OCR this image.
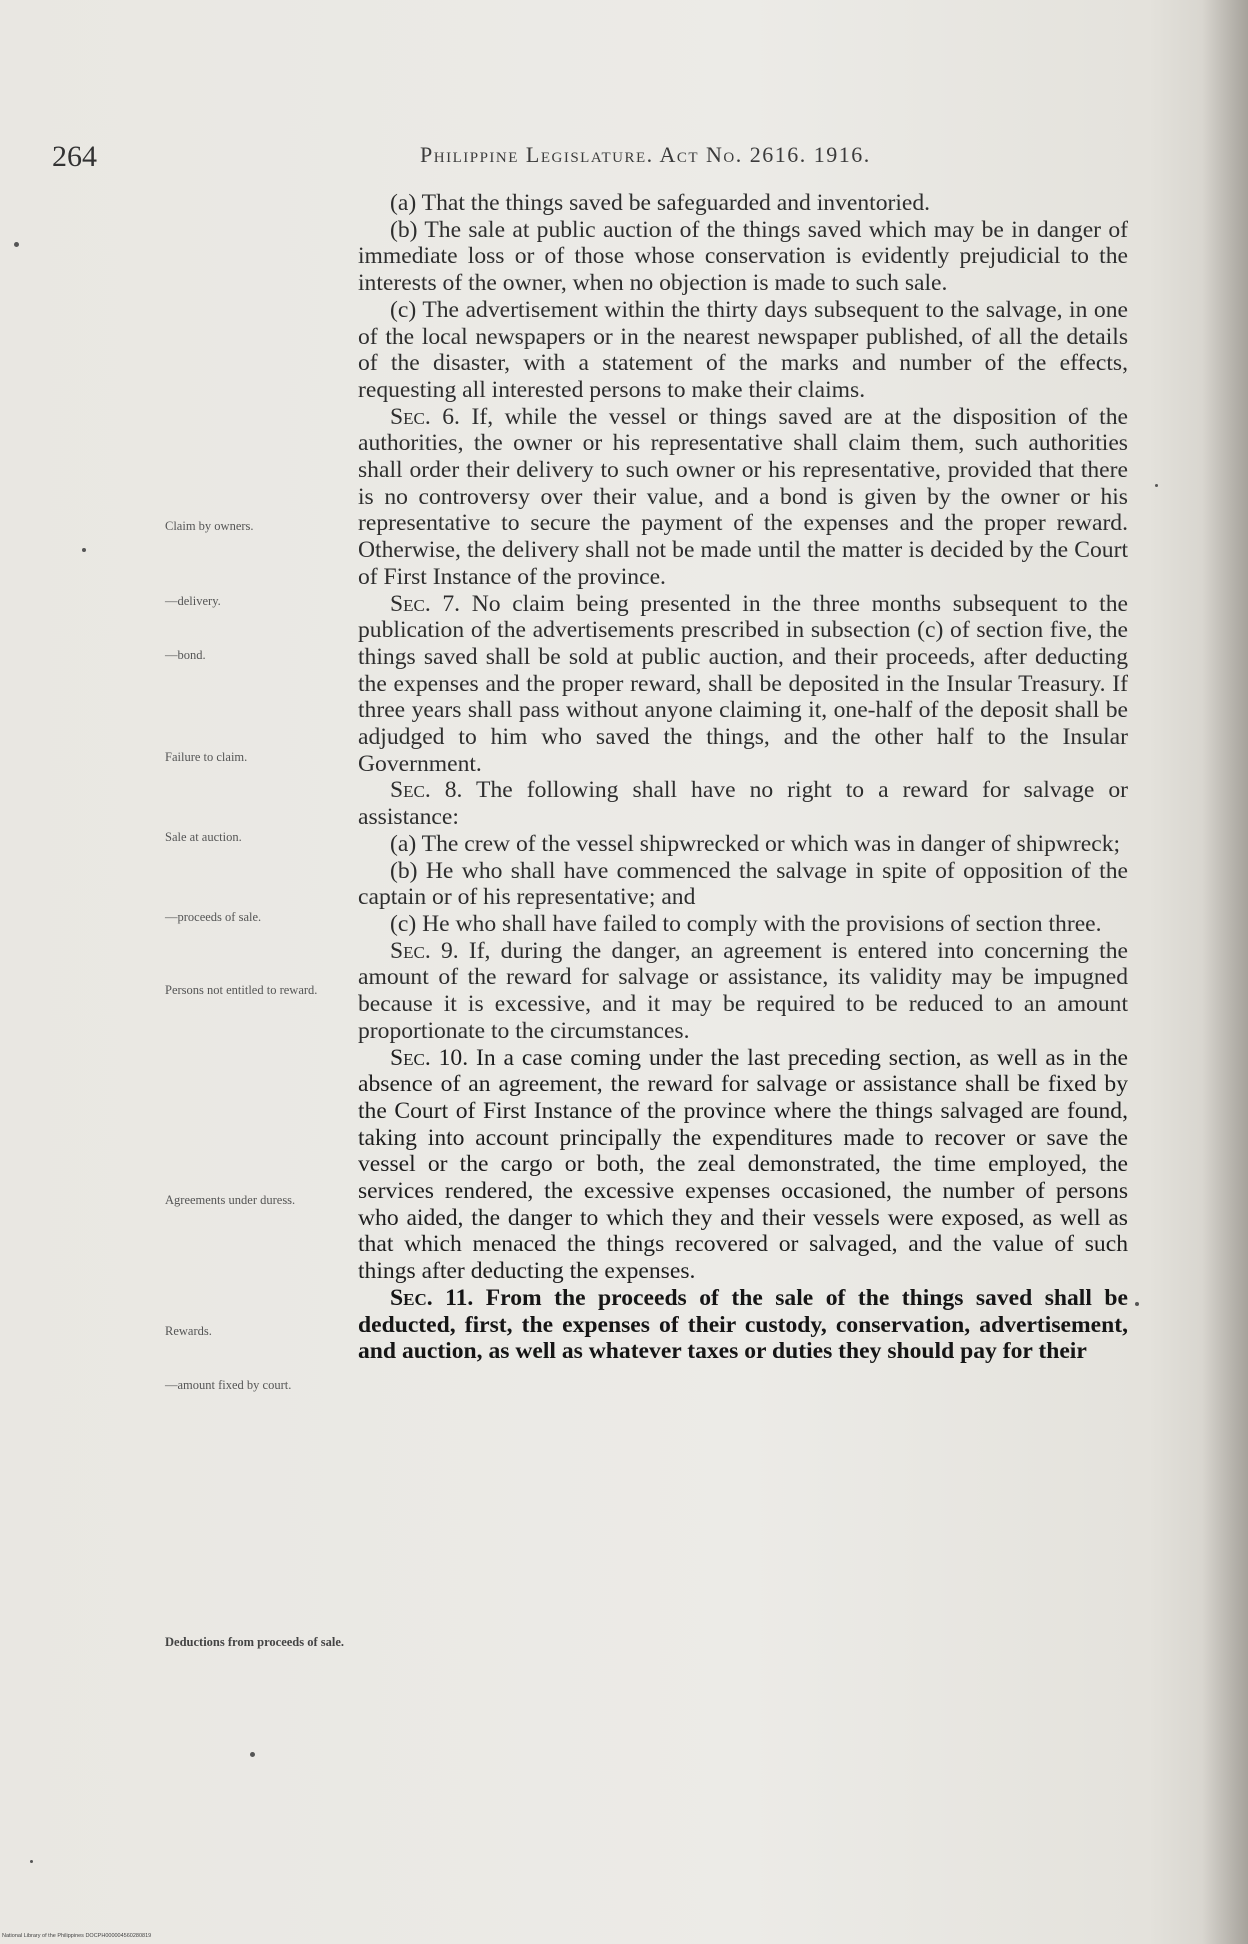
264	Philippine Legislature. Act No. 2616. 1916.
Claim by owners.
—delivery.
—bond.
Failure to claim.
Sale at auction.
—proceeds of sale.
Persons not entitled to reward.
Agreements under duress.
Rewards.
—amount fixed by court.
Deductions from proceeds of sale.

(a) That the things saved be safeguarded and inventoried.

(b) The sale at public auction of the things saved which may be in danger of immediate loss or of those whose conservation is evidently prejudicial to the interests of the owner, when no objection is made to such sale.

(c) The advertisement within the thirty days subsequent to the salvage, in one of the local newspapers or in the nearest newspaper published, of all the details of the disaster, with a statement of the marks and number of the effects, requesting all interested persons to make their claims.

Sec. 6. If, while the vessel or things saved are at the disposition of the authorities, the owner or his representative shall claim them, such authorities shall order their delivery to such owner or his representative, provided that there is no controversy over their value, and a bond is given by the owner or his representative to secure the payment of the expenses and the proper reward. Otherwise, the delivery shall not be made until the matter is decided by the Court of First Instance of the province.

Sec. 7. No claim being presented in the three months subsequent to the publication of the advertisements prescribed in subsection (c) of section five, the things saved shall be sold at public auction, and their proceeds, after deducting the expenses and the proper reward, shall be deposited in the Insular Treasury. If three years shall pass without anyone claiming it, one-half of the deposit shall be adjudged to him who saved the things, and the other half to the Insular Government.

Sec. 8. The following shall have no right to a reward for salvage or assistance:

(a) The crew of the vessel shipwrecked or which was in danger of shipwreck;

(b) He who shall have commenced the salvage in spite of opposition of the captain or of his representative; and

(c) He who shall have failed to comply with the provisions of section three.

Sec. 9. If, during the danger, an agreement is entered into concerning the amount of the reward for salvage or assistance, its validity may be impugned because it is excessive, and it may be required to be reduced to an amount proportionate to the circumstances.

Sec. 10. In a case coming under the last preceding section, as well as in the absence of an agreement, the reward for salvage or assistance shall be fixed by the Court of First Instance of the province where the things salvaged are found, taking into account principally the expenditures made to recover or save the vessel or the cargo or both, the zeal demonstrated, the time employed, the services rendered, the excessive expenses occasioned, the number of persons who aided, the danger to which they and their vessels were exposed, as well as that which menaced the things recovered or salvaged, and the value of such things after deducting the expenses.

Sec. 11. From the proceeds of the sale of the things saved shall be deducted, first, the expenses of their custody, conservation, advertisement, and auction, as well as whatever taxes or duties they should pay for their

National Library of the Philippines DOCPH000004560280819
